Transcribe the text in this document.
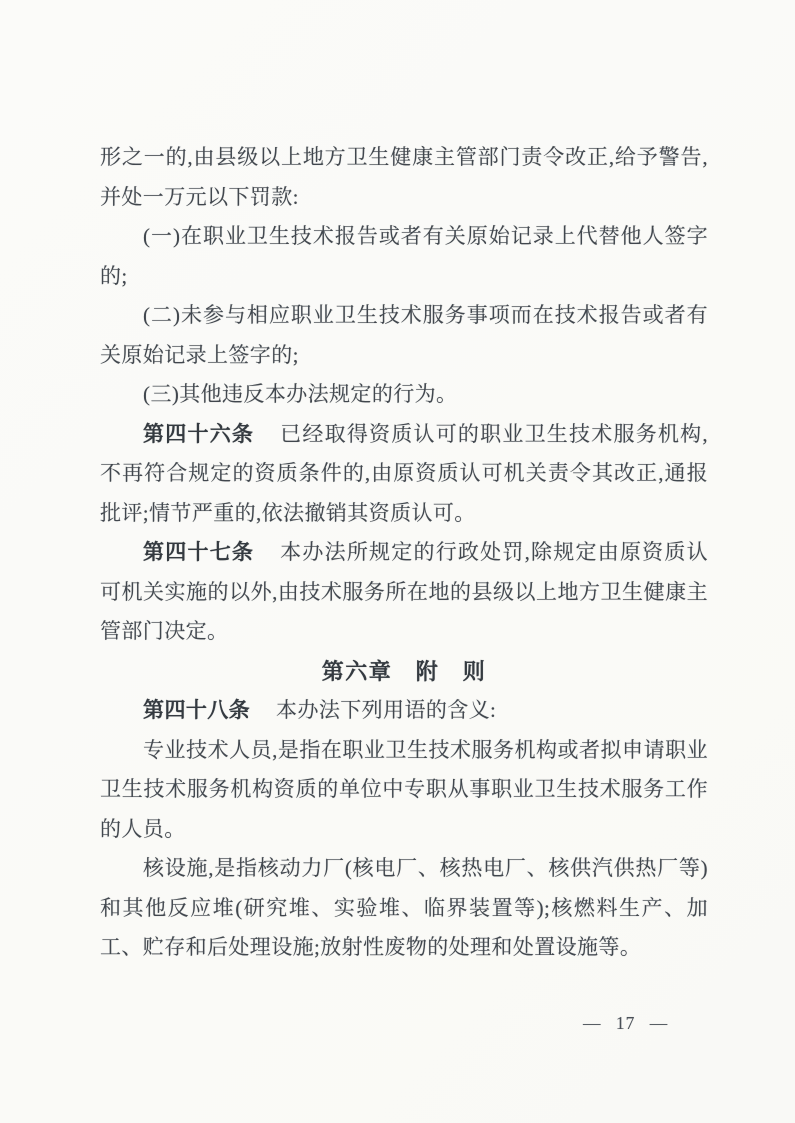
形之一的,由县级以上地方卫生健康主管部门责令改正,给予警告,并处一万元以下罚款:

(一)在职业卫生技术报告或者有关原始记录上代替他人签字的;

(二)未参与相应职业卫生技术服务事项而在技术报告或者有关原始记录上签字的;

(三)其他违反本办法规定的行为。

第四十六条 已经取得资质认可的职业卫生技术服务机构,不再符合规定的资质条件的,由原资质认可机关责令其改正,通报批评;情节严重的,依法撤销其资质认可。

第四十七条 本办法所规定的行政处罚,除规定由原资质认可机关实施的以外,由技术服务所在地的县级以上地方卫生健康主管部门决定。

第六章　附　则

第四十八条 本办法下列用语的含义:

专业技术人员,是指在职业卫生技术服务机构或者拟申请职业卫生技术服务机构资质的单位中专职从事职业卫生技术服务工作的人员。

核设施,是指核动力厂(核电厂、核热电厂、核供汽供热厂等)和其他反应堆(研究堆、实验堆、临界装置等);核燃料生产、加工、贮存和后处理设施;放射性废物的处理和处置设施等。

— 17 —
